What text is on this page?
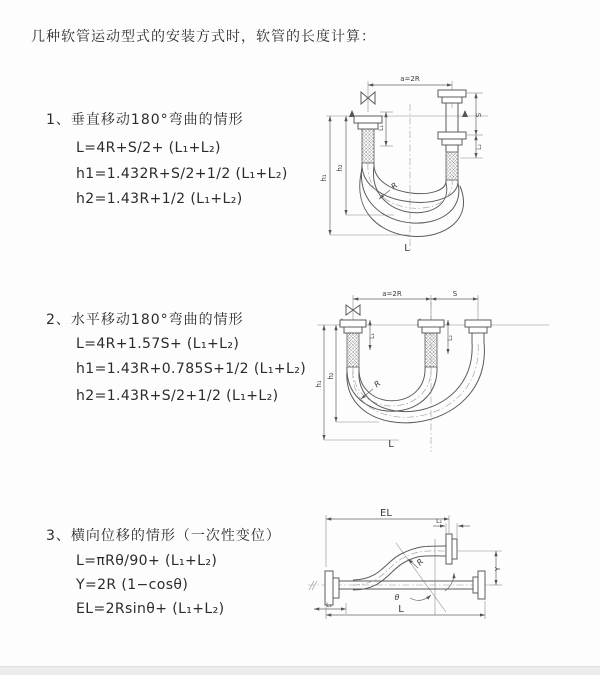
几种软管运动型式的安装方式时，软管的长度计算：
1、垂直移动180°弯曲的情形
L=4R+S/2+ (L₁+L₂)
h1=1.432R+S/2+1/2 (L₁+L₂)
h2=1.43R+1/2 (L₁+L₂)
2、水平移动180°弯曲的情形
L=4R+1.57S+ (L₁+L₂)
h1=1.43R+0.785S+1/2 (L₁+L₂)
h2=1.43R+S/2+1/2 (L₁+L₂)
3、横向位移的情形（一次性变位）
L=πRθ/90+ (L₁+L₂)
Y=2R (1−cosθ)
EL=2Rsinθ+ (L₁+L₂)
a=2R
h₁
h₂
L₁
S
L₂
R
L
a=2R	S
h₁
h₂
L₁	L₂
R
L
EL
L₂
Y
R
θ
L
L₁
